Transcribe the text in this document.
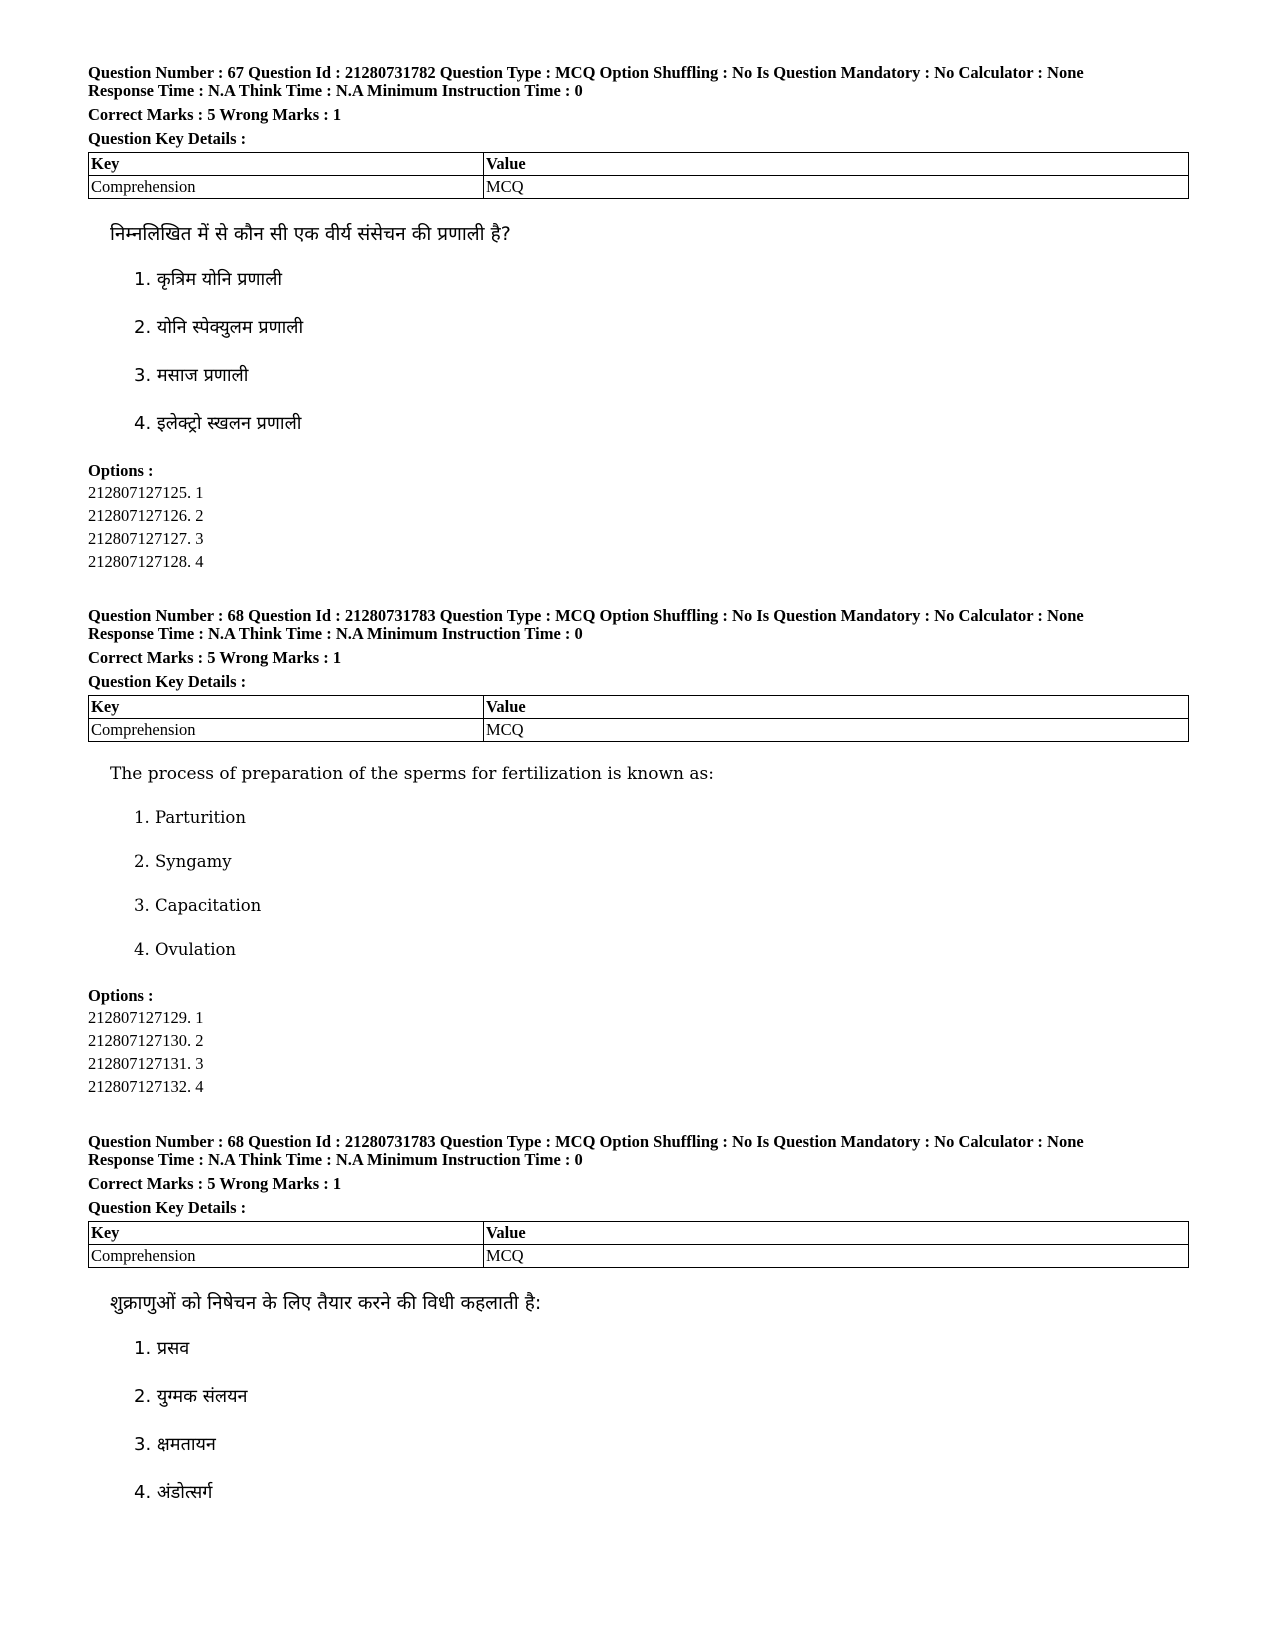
Question Number : 67 Question Id : 21280731782 Question Type : MCQ Option Shuffling : No Is Question Mandatory : No Calculator : None
Response Time : N.A Think Time : N.A Minimum Instruction Time : 0
Correct Marks : 5 Wrong Marks : 1
Question Key Details :
Key	Value
Comprehension	MCQ
निम्नलिखित में से कौन सी एक वीर्य संसेचन की प्रणाली है?
1. कृत्रिम योनि प्रणाली
2. योनि स्पेक्युलम प्रणाली
3. मसाज प्रणाली
4. इलेक्ट्रो स्खलन प्रणाली
Options :
212807127125. 1
212807127126. 2
212807127127. 3
212807127128. 4
Question Number : 68 Question Id : 21280731783 Question Type : MCQ Option Shuffling : No Is Question Mandatory : No Calculator : None
Response Time : N.A Think Time : N.A Minimum Instruction Time : 0
Correct Marks : 5 Wrong Marks : 1
Question Key Details :
Key	Value
Comprehension	MCQ
The process of preparation of the sperms for fertilization is known as:
1. Parturition
2. Syngamy
3. Capacitation
4. Ovulation
Options :
212807127129. 1
212807127130. 2
212807127131. 3
212807127132. 4
Question Number : 68 Question Id : 21280731783 Question Type : MCQ Option Shuffling : No Is Question Mandatory : No Calculator : None
Response Time : N.A Think Time : N.A Minimum Instruction Time : 0
Correct Marks : 5 Wrong Marks : 1
Question Key Details :
Key	Value
Comprehension	MCQ
शुक्राणुओं को निषेचन के लिए तैयार करने की विधी कहलाती है:
1. प्रसव
2. युग्मक संलयन
3. क्षमतायन
4. अंडोत्सर्ग
